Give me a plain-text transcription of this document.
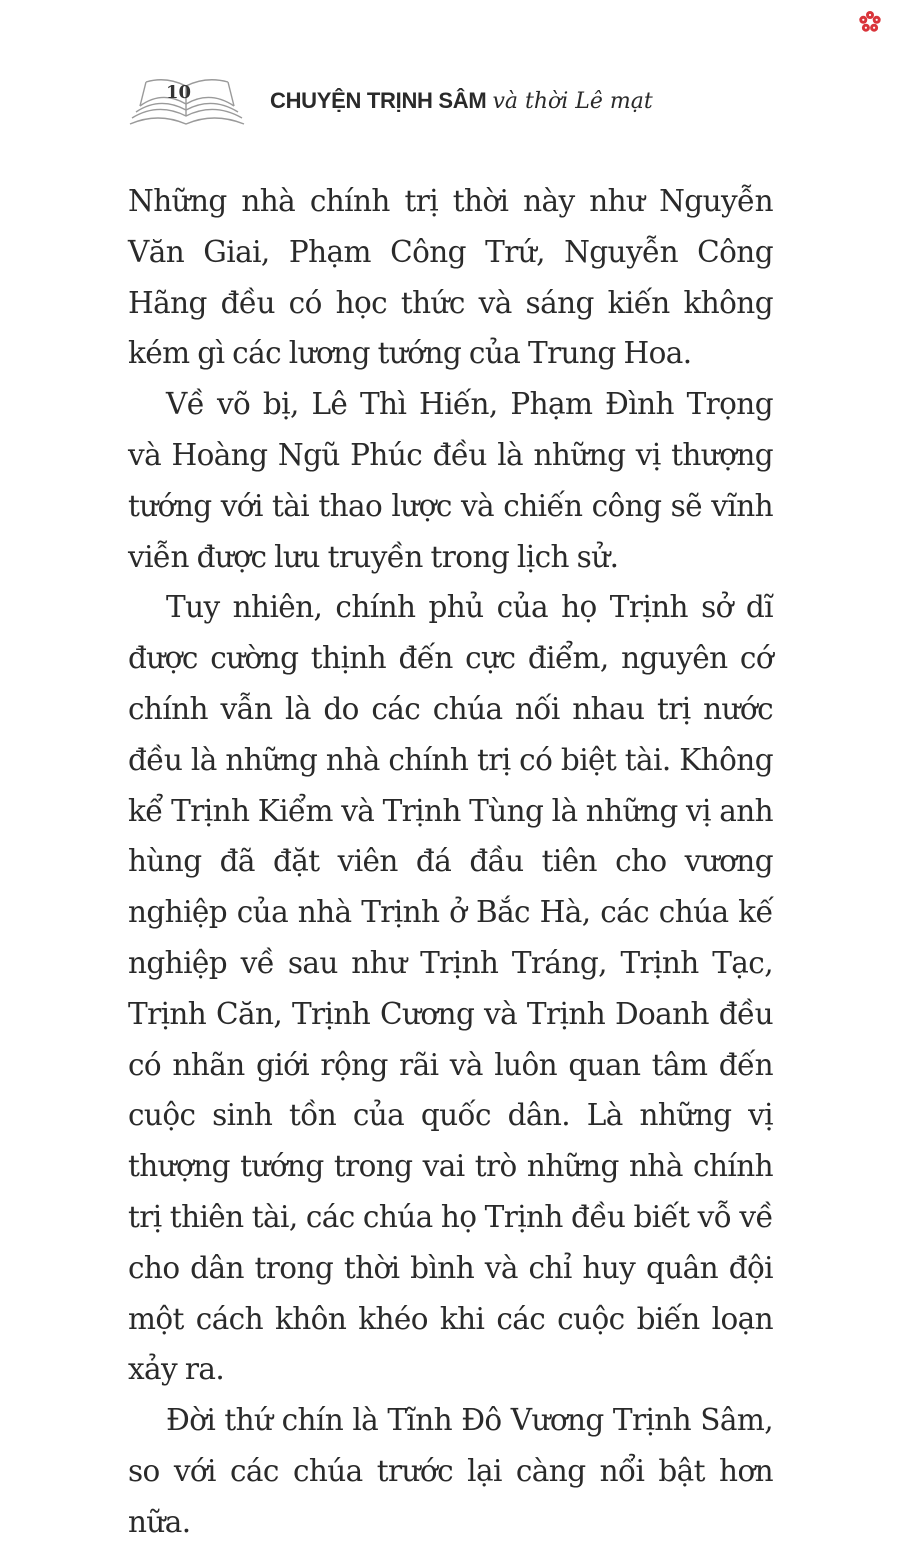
10	CHUYỆN TRỊNH SÂM và thời Lê mạt

Những nhà chính trị thời này như Nguyễn Văn Giai, Phạm Công Trứ, Nguyễn Công Hãng đều có học thức và sáng kiến không kém gì các lương tướng của Trung Hoa.

Về võ bị, Lê Thì Hiến, Phạm Đình Trọng và Hoàng Ngũ Phúc đều là những vị thượng tướng với tài thao lược và chiến công sẽ vĩnh viễn được lưu truyền trong lịch sử.

Tuy nhiên, chính phủ của họ Trịnh sở dĩ được cường thịnh đến cực điểm, nguyên cớ chính vẫn là do các chúa nối nhau trị nước đều là những nhà chính trị có biệt tài. Không kể Trịnh Kiểm và Trịnh Tùng là những vị anh hùng đã đặt viên đá đầu tiên cho vương nghiệp của nhà Trịnh ở Bắc Hà, các chúa kế nghiệp về sau như Trịnh Tráng, Trịnh Tạc, Trịnh Căn, Trịnh Cương và Trịnh Doanh đều có nhãn giới rộng rãi và luôn quan tâm đến cuộc sinh tồn của quốc dân. Là những vị thượng tướng trong vai trò những nhà chính trị thiên tài, các chúa họ Trịnh đều biết vỗ về cho dân trong thời bình và chỉ huy quân đội một cách khôn khéo khi các cuộc biến loạn xảy ra.

Đời thứ chín là Tĩnh Đô Vương Trịnh Sâm, so với các chúa trước lại càng nổi bật hơn nữa.
